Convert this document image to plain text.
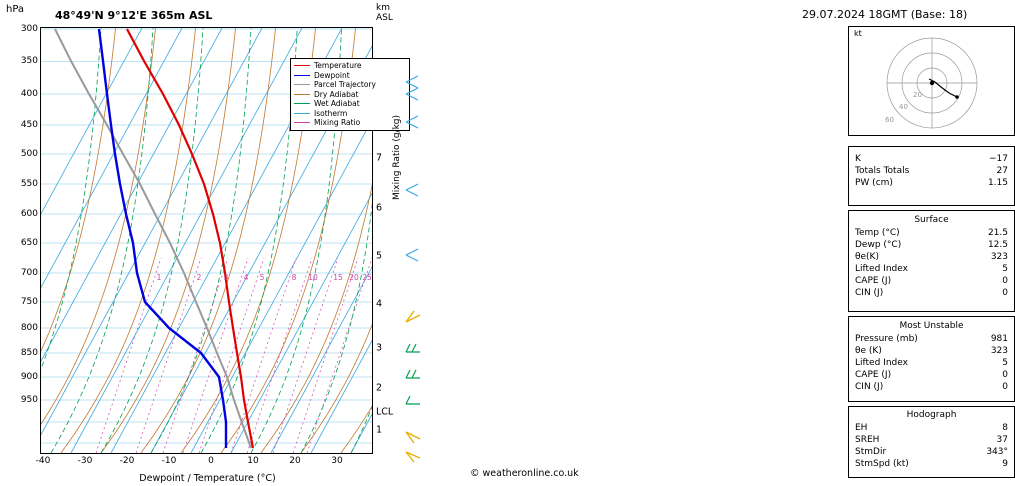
hPa	48°49'N 9°12'E 365m ASL
km
ASL
300
350
400
450
500
550
600
650
700
750
800
850
900
950
-40	-30	-20	-10	0	10	20	30
7
6
5
4
3
2
LCL
1
1	2	3 4 5	8 10 15 20 25
Temperature
Dewpoint
Parcel Trajectory
Dry Adiabat
Wet Adiabat
Isotherm
Mixing Ratio
Dewpoint / Temperature (°C)
Mixing Ratio (g/kg)
29.07.2024 18GMT (Base: 18)
kt
20
40
60
K	−17
Totals Totals	27
PW (cm)	1.15
Surface
Temp (°C)	21.5
Dewp (°C)	12.5
θe(K)	323
Lifted Index	5
CAPE (J)	0
CIN (J)	0
Most Unstable
Pressure (mb)	981
θe (K)	323
Lifted Index	5
CAPE (J)	0
CIN (J)	0
Hodograph
EH	8
SREH	37
StmDir	343°
StmSpd (kt)	9
© weatheronline.co.uk
